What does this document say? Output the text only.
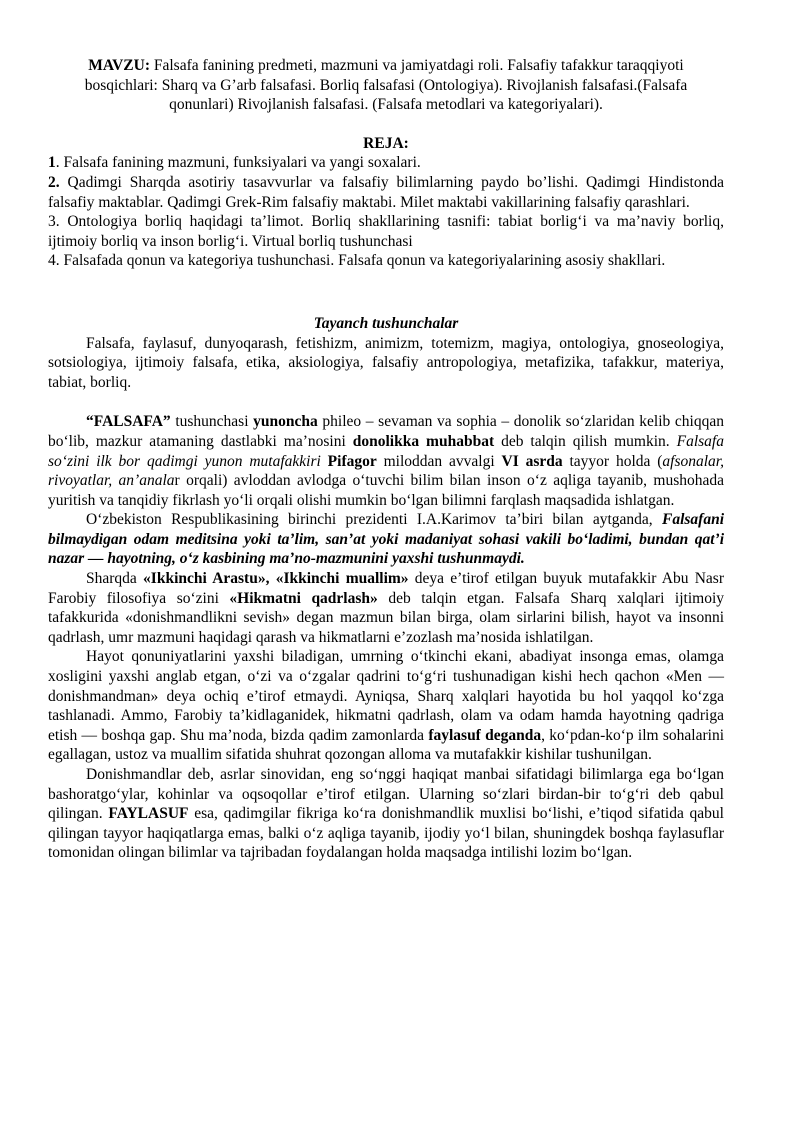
MAVZU: Falsafa fanining predmeti, mazmuni va jamiyatdagi roli. Falsafiy tafakkur taraqqiyoti bosqichlari: Sharq va G’arb falsafasi. Borliq falsafasi (Ontologiya). Rivojlanish falsafasi.(Falsafa qonunlari) Rivojlanish falsafasi. (Falsafa metodlari va kategoriyalari).

REJA:

1. Falsafa fanining mazmuni, funksiyalari va yangi soxalari.

2. Qadimgi Sharqda asotiriy tasavvurlar va falsafiy bilimlarning paydo bo’lishi. Qadimgi Hindistonda falsafiy maktablar. Qadimgi Grek-Rim falsafiy maktabi. Milet maktabi vakillarining falsafiy qarashlari.

3. Ontologiya borliq haqidagi ta’limot. Borliq shakllarining tasnifi: tabiat borlig‘i va ma’naviy borliq, ijtimoiy borliq va inson borlig‘i. Virtual borliq tushunchasi

4. Falsafada qonun va kategoriya tushunchasi. Falsafa qonun va kategoriyalarining asosiy shakllari.

Tayanch tushunchalar

Falsafa, faylasuf, dunyoqarash, fetishizm, animizm, totemizm, magiya, ontologiya, gnoseologiya, sotsiologiya, ijtimoiy falsafa, etika, aksiologiya, falsafiy antropologiya, metafizika, tafakkur, materiya, tabiat, borliq.

“FALSAFA” tushunchasi yunoncha phileo – sevaman va sophia – donolik so‘zlaridan kelib chiqqan bo‘lib, mazkur atamaning dastlabki ma’nosini donolikka muhabbat deb talqin qilish mumkin. Falsafa so‘zini ilk bor qadimgi yunon mutafakkiri Pifagor miloddan avvalgi VI asrda tayyor holda (afsonalar, rivoyatlar, an’analar orqali) avloddan avlodga o‘tuvchi bilim bilan inson o‘z aqliga tayanib, mushohada yuritish va tanqidiy fikrlash yo‘li orqali olishi mumkin bo‘lgan bilimni farqlash maqsadida ishlatgan.

O‘zbekiston Respublikasining birinchi prezidenti I.A.Karimov ta’biri bilan aytganda, Falsafani bilmaydigan odam meditsina yoki ta’lim, san’at yoki madaniyat sohasi vakili bo‘ladimi, bundan qat’i nazar — hayotning, o‘z kasbining ma’no-mazmunini yaxshi tushunmaydi.

Sharqda «Ikkinchi Arastu», «Ikkinchi muallim» deya e’tirof etilgan buyuk mutafakkir Abu Nasr Farobiy filosofiya so‘zini «Hikmatni qadrlash» deb talqin etgan. Falsafa Sharq xalqlari ijtimoiy tafakkurida «donishmandlikni sevish» degan mazmun bilan birga, olam sirlarini bilish, hayot va insonni qadrlash, umr mazmuni haqidagi qarash va hikmatlarni e’zozlash ma’nosida ishlatilgan.

Hayot qonuniyatlarini yaxshi biladigan, umrning o‘tkinchi ekani, abadiyat insonga emas, olamga xosligini yaxshi anglab etgan, o‘zi va o‘zgalar qadrini to‘g‘ri tushunadigan kishi hech qachon «Men — donishmandman» deya ochiq e’tirof etmaydi. Ayniqsa, Sharq xalqlari hayotida bu hol yaqqol ko‘zga tashlanadi. Ammo, Farobiy ta’kidlaganidek, hikmatni qadrlash, olam va odam hamda hayotning qadriga etish — boshqa gap. Shu ma’noda, bizda qadim zamonlarda faylasuf deganda, ko‘pdan-ko‘p ilm sohalarini egallagan, ustoz va muallim sifatida shuhrat qozongan alloma va mutafakkir kishilar tushunilgan.

Donishmandlar deb, asrlar sinovidan, eng so‘nggi haqiqat manbai sifatidagi bilimlarga ega bo‘lgan bashoratgo‘ylar, kohinlar va oqsoqollar e’tirof etilgan. Ularning so‘zlari birdan-bir to‘g‘ri deb qabul qilingan. FAYLASUF esa, qadimgilar fikriga ko‘ra donishmandlik muxlisi bo‘lishi, e’tiqod sifatida qabul qilingan tayyor haqiqatlarga emas, balki o‘z aqliga tayanib, ijodiy yo‘l bilan, shuningdek boshqa faylasuflar tomonidan olingan bilimlar va tajribadan foydalangan holda maqsadga intilishi lozim bo‘lgan.
